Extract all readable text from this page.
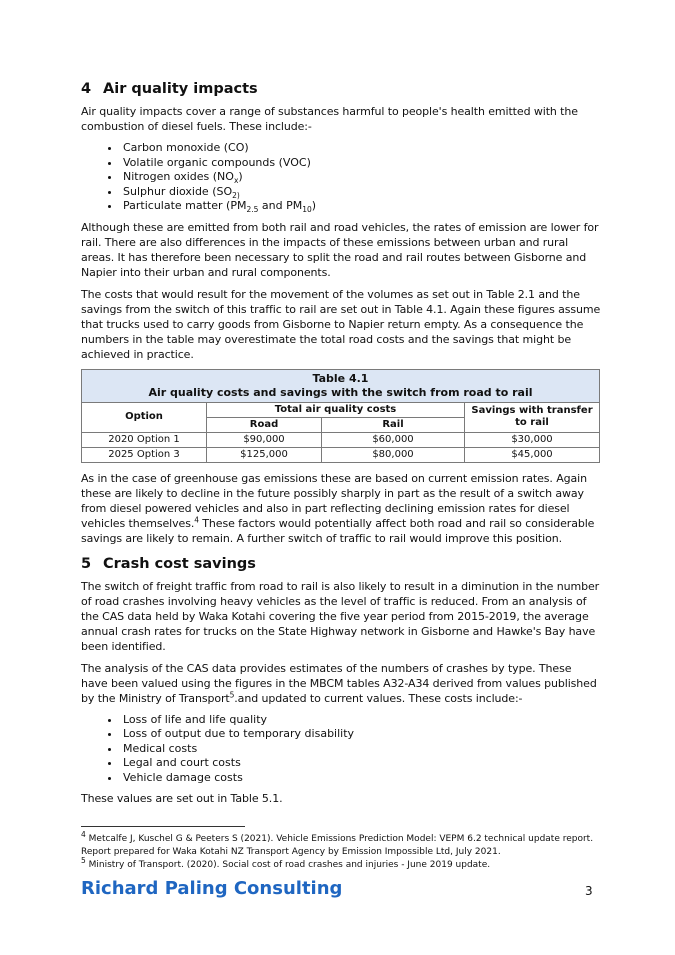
4 Air quality impacts

Air quality impacts cover a range of substances harmful to people's health emitted with the combustion of diesel fuels. These include:-

• Carbon monoxide (CO)
• Volatile organic compounds (VOC)
• Nitrogen oxides $(NO_x)$
• Sulphur dioxide ($SO_{2)}$
• Particulate matter ($PM_{2.5}$ and $PM_{10}$)

Although these are emitted from both rail and road vehicles, the rates of emission are lower for rail. There are also differences in the impacts of these emissions between urban and rural areas. It has therefore been necessary to split the road and rail routes between Gisborne and Napier into their urban and rural components.

The costs that would result for the movement of the volumes as set out in Table 2.1 and the savings from the switch of this traffic to rail are set out in Table 4.1. Again these figures assume that trucks used to carry goods from Gisborne to Napier return empty. As a consequence the numbers in the table may overestimate the total road costs and the savings that might be achieved in practice.

Table 4.1
Air quality costs and savings with the switch from road to rail			

Option	Total air quality costs		Savings with transfer to rail
	Road	Rail	
2020 Option 1	$90,000	$60,000	$30,000
2025 Option 3	$125,000	$80,000	$45,000

As in the case of greenhouse gas emissions these are based on current emission rates. Again these are likely to decline in the future possibly sharply in part as the result of a switch away from diesel powered vehicles and also in part reflecting declining emission rates for diesel vehicles themselves.$^4$ These factors would potentially affect both road and rail so considerable savings are likely to remain. A further switch of traffic to rail would improve this position.

5 Crash cost savings

The switch of freight traffic from road to rail is also likely to result in a diminution in the number of road crashes involving heavy vehicles as the level of traffic is reduced. From an analysis of the CAS data held by Waka Kotahi covering the five year period from 2015-2019, the average annual crash rates for trucks on the State Highway network in Gisborne and Hawke's Bay have been identified.

The analysis of the CAS data provides estimates of the numbers of crashes by type. These have been valued using the figures in the MBCM tables A32-A34 derived from values published by the Ministry of Transport$^5$.and updated to current values. These costs include:-

• Loss of life and life quality
• Loss of output due to temporary disability
• Medical costs
• Legal and court costs
• Vehicle damage costs

These values are set out in Table 5.1.

$^4$ Metcalfe J, Kuschel G & Peeters S (2021). Vehicle Emissions Prediction Model: VEPM 6.2 technical update report. Report prepared for Waka Kotahi NZ Transport Agency by Emission Impossible Ltd, July 2021.
$^5$ Ministry of Transport. (2020). Social cost of road crashes and injuries - June 2019 update.
Richard Paling Consulting	3
